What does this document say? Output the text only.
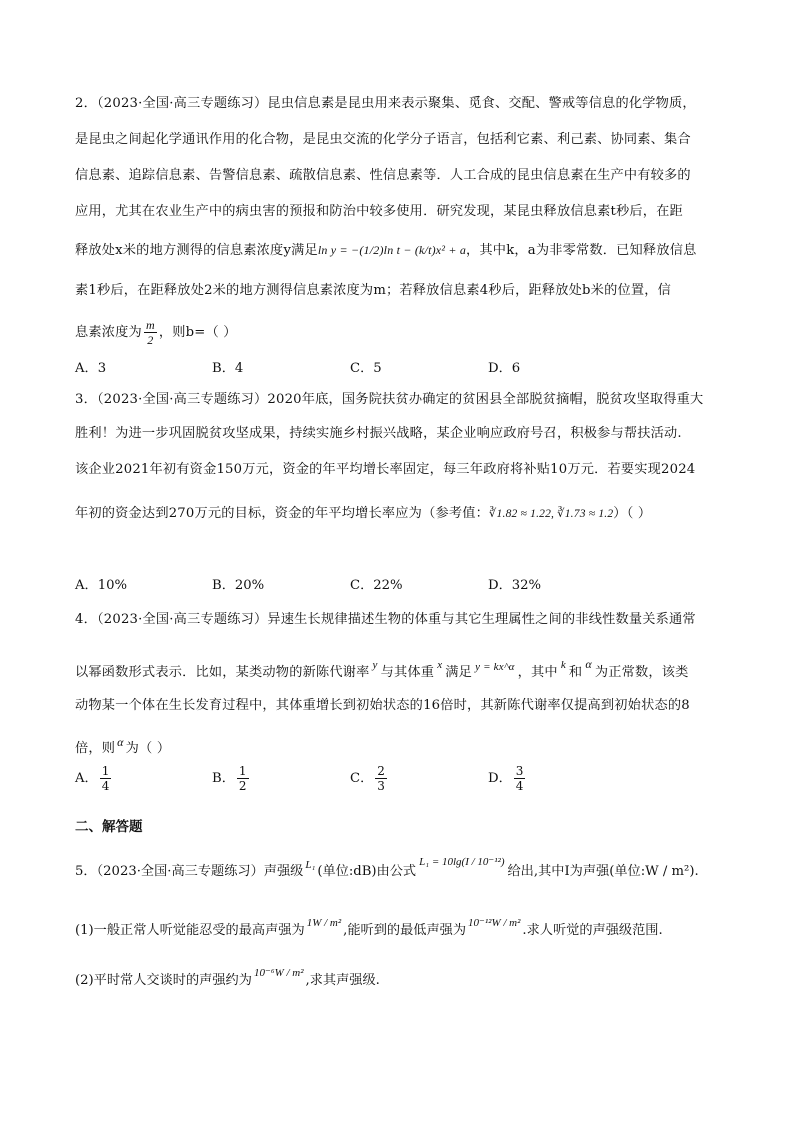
2．（2023·全国·高三专题练习）昆虫信息素是昆虫用来表示聚集、觅食、交配、警戒等信息的化学物质，
是昆虫之间起化学通讯作用的化合物，是昆虫交流的化学分子语言，包括利它素、利己素、协同素、集合
信息素、追踪信息素、告警信息素、疏散信息素、性信息素等．人工合成的昆虫信息素在生产中有较多的
应用，尤其在农业生产中的病虫害的预报和防治中较多使用．研究发现，某昆虫释放信息素t秒后，在距
释放处x米的地方测得的信息素浓度y满足ln y = −(1/2)ln t − (k/t)x² + a，其中k，a为非零常数．已知释放信息
素1秒后，在距释放处2米的地方测得信息素浓度为m；若释放信息素4秒后，距释放处b米的位置，信
息素浓度为 $\frac{m}{2}$ ，则b=（ ）
A．3	B．4	C．5	D．6
3．（2023·全国·高三专题练习）2020年底，国务院扶贫办确定的贫困县全部脱贫摘帽，脱贫攻坚取得重大
胜利！为进一步巩固脱贫攻坚成果，持续实施乡村振兴战略，某企业响应政府号召，积极参与帮扶活动.
该企业2021年初有资金150万元，资金的年平均增长率固定，每三年政府将补贴10万元．若要实现2024
年初的资金达到270万元的目标，资金的年平均增长率应为（参考值：∛1.82 ≈ 1.22, ∛1.73 ≈ 1.2）（ ）
A．10%	B．20%	C．22%	D．32%
4．（2023·全国·高三专题练习）异速生长规律描述生物的体重与其它生理属性之间的非线性数量关系通常
以幂函数形式表示．比如，某类动物的新陈代谢率 $^y$ 与其体重 $^x$ 满足 $^{y = kx\^{}\alpha}$ ，其中 $^k$ 和α为正常数，该类
动物某一个体在生长发育过程中，其体重增长到初始状态的16倍时，其新陈代谢率仅提高到初始状态的8
倍，则 α 为（ ）
A． $\frac{1}{4}$	B． $\frac{1}{2}$	C． $\frac{2}{3}$	D． $\frac{3}{4}$
二、解答题
5．（2023·全国·高三专题练习）声强级 $^{L_1}$ (单位:dB)由公式$^{L_1 = 10lg(I / 10^{-12})}$给出,其中I为声强(单位:W / m²).
(1)一般正常人听觉能忍受的最高声强为 $^{1W / m^2}$ ,能听到的最低声强为 $^{10^{-12}W / m^2}$ .求人听觉的声强级范围.
(2)平时常人交谈时的声强约为 $^{10^{-6}W / m^2}$ ,求其声强级.
